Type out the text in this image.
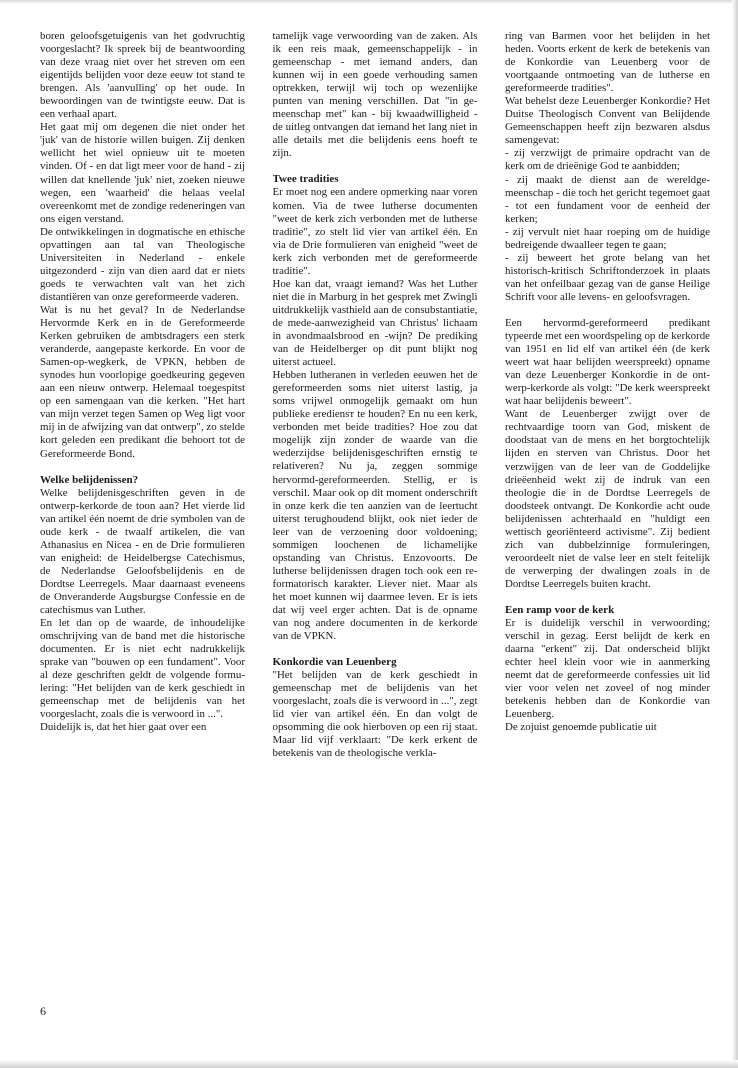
boren geloofsgetuigenis van het godvruchtig voorgeslacht? Ik spreek bij de beantwoording van deze vraag niet over het streven om een eigentijds belijden voor deze eeuw tot stand te brengen. Als 'aanvulling' op het oude. In bewoordingen van de twintigste eeuw. Dat is een verhaal apart.

Het gaat mij om degenen die niet onder het 'juk' van de historie willen buigen. Zij denken wellicht het wiel opnieuw uit te moeten vinden. Of - en dat ligt meer voor de hand - zij willen dat knellende 'juk' niet, zoeken nieuwe wegen, een 'waarheid' die helaas veelal overeenkomt met de zondige redeneringen van ons eigen verstand.

De ontwikkelingen in dogmatische en ethische opvattingen aan tal van Theologische Universiteiten in Nederland - enkele uitgezonderd - zijn van dien aard dat er niets goeds te verwachten valt van het zich distantiëren van onze gereformeerde vaderen.

Wat is nu het geval? In de Nederlandse Hervormde Kerk en in de Gereformeerde Kerken gebruiken de ambtsdragers een sterk veranderde, aangepaste kerkorde. En voor de Samen-op-wegkerk, de VPKN, hebben de synodes hun voorlopige goedkeuring gegeven aan een nieuw ontwerp. Helemaal toegespitst op een samengaan van die kerken. "Het hart van mijn verzet tegen Samen op Weg ligt voor mij in de afwijzing van dat ontwerp", zo stelde kort geleden een predikant die behoort tot de Gereformeerde Bond.

Welke belijdenissen?

Welke belijdenisgeschriften geven in de ontwerp-kerkorde de toon aan? Het vierde lid van artikel één noemt de drie symbolen van de oude kerk - de twaalf artikelen, die van Athanasius en Nicea - en de Drie formulieren van enigheid: de Heidelbergse Catechismus, de Nederlandse Geloofsbelijdenis en de Dordtse Leerregels. Maar daarnaast eveneens de Onveranderde Augsburgse Confessie en de catechismus van Luther.

En let dan op de waarde, de inhoudelijke omschrijving van de band met die historische documenten. Er is niet echt nadrukkelijk sprake van "bouwen op een fundament". Voor al deze geschriften geldt de volgende formulering: "Het belijden van de kerk geschiedt in gemeenschap met de belijdenis van het voorgeslacht, zoals die is verwoord in ...".

Duidelijk is, dat het hier gaat over een

tamelijk vage verwoording van de zaken. Als ik een reis maak, gemeenschappelijk - in gemeenschap - met iemand anders, dan kunnen wij in een goede verhouding samen optrekken, terwijl wij toch op wezenlijke punten van mening verschillen. Dat "in gemeenschap met" kan - bij kwaadwilligheid - de uitleg ontvangen dat iemand het lang niet in alle details met die belijdenis eens hoeft te zijn.

Twee tradities

Er moet nog een andere opmerking naar voren komen. Via de twee lutherse documenten "weet de kerk zich verbonden met de lutherse traditie", zo stelt lid vier van artikel één. En via de Drie formulieren van enigheid "weet de kerk zich verbonden met de gereformeerde traditie".

Hoe kan dat, vraagt iemand? Was het Luther niet die in Marburg in het gesprek met Zwingli uitdrukkelijk vasthield aan de consubstantiatie, de mede-aanwezigheid van Christus' lichaam in avondmaalsbrood en -wijn? De prediking van de Heidelberger op dit punt blijkt nog uiterst actueel.

Hebben lutheranen in verleden eeuwen het de gereformeerden soms niet uiterst lastig, ja soms vrijwel onmogelijk gemaakt om hun publieke erediensт te houden? En nu een kerk, verbonden met beide tradities? Hoe zou dat mogelijk zijn zonder de waarde van die wederzijdse belijdenisgeschriften ernstig te relativeren? Nu ja, zeggen sommige hervormd-gereformeerden. Stellig, er is verschil. Maar ook op dit moment onderschrift in onze kerk die ten aanzien van de leertucht uiterst terughoudend blijkt, ook niet ieder de leer van de verzoening door voldoening; sommigen loochenen de lichamelijke opstanding van Christus. Enzovoorts. De lutherse belijdenissen dragen toch ook een reformatorisch karakter. Liever niet. Maar als het moet kunnen wij daarmee leven. Er is iets dat wij veel erger achten. Dat is de opname van nog andere documenten in de kerkorde van de VPKN.

Konkordie van Leuenberg

"Het belijden van de kerk geschiedt in gemeenschap met de belijdenis van het voorgeslacht, zoals die is verwoord in ...", zegt lid vier van artikel één. En dan volgt de opsomming die ook hierboven op een rij staat. Maar lid vijf verklaart: "De kerk erkent de betekenis van de theologische verkla-

ring van Barmen voor het belijden in het heden. Voorts erkent de kerk de betekenis van de Konkordie van Leuenberg voor de voortgaande ontmoeting van de lutherse en gereformeerde tradities".

Wat behelst deze Leuenberger Konkordie? Het Duitse Theologisch Convent van Belijdende Gemeenschappen heeft zijn bezwaren alsdus samengevat:

- zij verzwijgt de primaire opdracht van de kerk om de drieënige God te aanbidden;

- zij maakt de dienst aan de wereldgemeenschap - die toch het gericht tegemoet gaat - tot een fundament voor de eenheid der kerken;

- zij vervult niet haar roeping om de huidige bedreigende dwaalleer tegen te gaan;

- zij beweert het grote belang van het historisch-kritisch Schriftonderzoek in plaats van het onfeilbaar gezag van de ganse Heilige Schrift voor alle levens- en geloofsvragen.

Een hervormd-gereformeerd predikant typeerde met een woordspeling op de kerkorde van 1951 en lid elf van artikel één (de kerk weert wat haar belijden weerspreekt) opname van deze Leuenberger Konkordie in de ontwerp-kerkorde als volgt: "De kerk weerspreekt wat haar belijdenis beweert".

Want de Leuenberger zwijgt over de rechtvaardige toorn van God, miskent de doodstaat van de mens en het borgtochtelijk lijden en sterven van Christus. Door het verzwijgen van de leer van de Goddelijke drieëenheid wekt zij de indruk van een theologie die in de Dordtse Leerregels de doodsteek ontvangt. De Konkordie acht oude belijdenissen achterhaald en "huldigt een wettisch georiënteerd activisme". Zij bedient zich van dubbelzinnige formuleringen, veroordeelt niet de valse leer en stelt feitelijk de verwerping der dwalingen zoals in de Dordtse Leerregels buiten kracht.

Een ramp voor de kerk

Er is duidelijk verschil in verwoording; verschil in gezag. Eerst belijdt de kerk en daarna "erkent" zij. Dat onderscheid blijkt echter heel klein voor wie in aanmerking neemt dat de gereformeerde confessies uit lid vier voor velen net zoveel of nog minder betekenis hebben dan de Konkordie van Leuenberg.

De zojuist genoemde publicatie uit

6
